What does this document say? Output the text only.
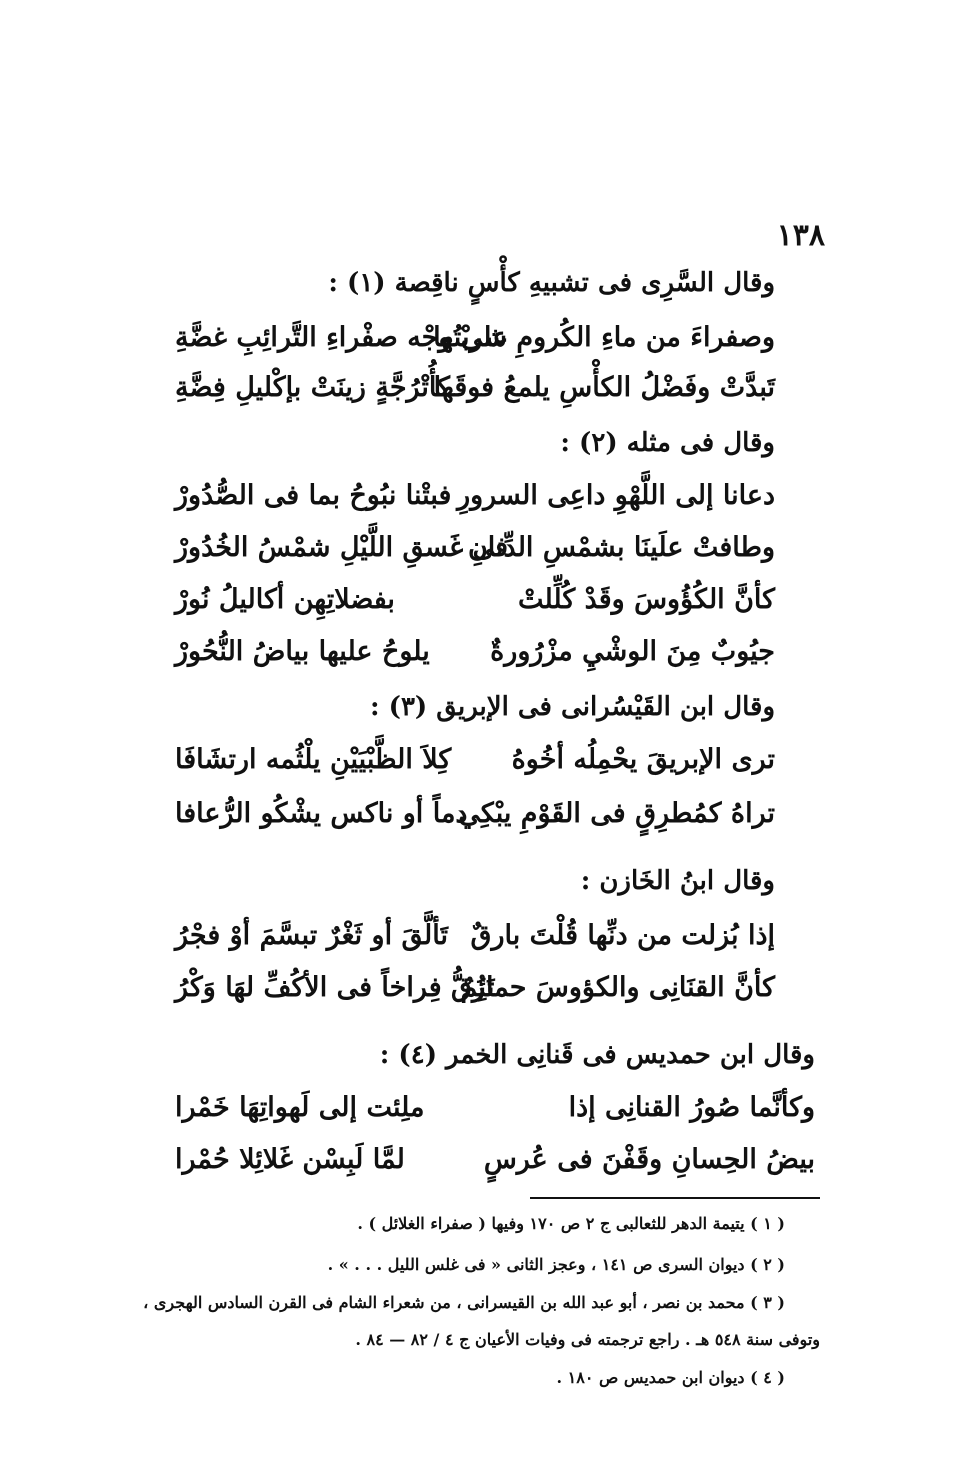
١٣٨
وقال السَّرِى فى تشبيهِ كأْسٍ ناقِصة (١) :
وصفراءَ من ماءِ الكُرومِ شربْتُها
على وجْه صفْراءِ التَّرائِبِ غضَّةِ
تَبدَّتْ وفَضْلُ الكأْسِ يلمعُ فوقَها
كأُتْرُجَّةٍ زينَتْ بإكْليلِ فِضَّةِ
وقال فى مثله (٢) :
دعانا إلى اللَّهْوِ داعِى السرورِ
فبتْنا نبُوحُ بما فى الصُّدُورْ
وطافتْ علَينَا بشمْسِ الدِّنانِ
فى غَسقِ اللَّيْلِ شمْسُ الخُدُورْ
كأنَّ الكُؤُوسَ وقَدْ كُلِّلتْ
بفضلاتِهِن أكاليلُ نُورْ
جيُوبٌ مِنَ الوشْيِ مزْرُورةٌ
يلوحُ عليها بياضُ النُّحُورْ
وقال ابن القَيْسُرانى فى الإبريق (٣) :
ترى الإبريقَ يحْمِلُه أخُوهُ
كِلاَ الظَّبْيَيْنِ يلْثُمه ارتشَافَا
تراهُ كمُطرِقٍ فى القَوْمِ يبْكِي
دماً أو ناكس يشْكُو الرُّعافا
وقال ابنُ الخَازن :
إذا بُزلت من دنِّها قُلْتَ بارقٌ
تَألَّقَ أو ثَغْرٌ تبسَّمَ أوْ فجْرُ
كأنَّ القنَانِى والكؤوسَ حمائِمٌ
تَزُقُّ فِراخاً فى الأكُفِّ لهَا وَكْرُ
وقال ابن حمديس فى قَنانِى الخمر (٤) :
وكأنَّما صُورُ القنانِى إذا
ملِئت إلى لَهواتِهَا خَمْرا
بيضُ الحِسانِ وقَفْنَ فى عُرسٍ
لمَّا لَبِسْن غَلائِلا حُمْرا
( ١ ) يتيمة الدهر للثعالبى ج ٢ ص ١٧٠ وفيها ( صفراء الغلائل ) .
( ٢ ) ديوان السرى ص ١٤١ ، وعجز الثانى « فى غلس الليل . . . » .
( ٣ ) محمد بن نصر ، أبو عبد الله بن القيسرانى ، من شعراء الشام فى القرن السادس الهجرى ،
وتوفى سنة ٥٤٨ هـ . راجع ترجمته فى وفيات الأعيان ج ٤ / ٨٢ — ٨٤ .
( ٤ ) ديوان ابن حمديس ص ١٨٠ .
